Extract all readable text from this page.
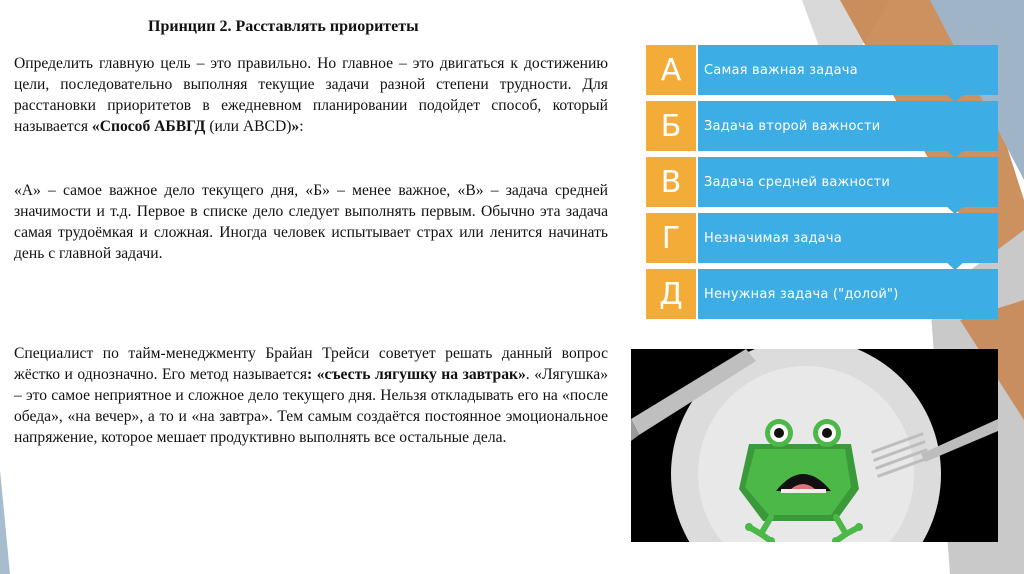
Принцип 2. Расставлять приоритеты

Определить главную цель – это правильно. Но главное – это двигаться к достижению цели, последовательно выполняя текущие задачи разной степени трудности. Для расстановки приоритетов в ежедневном планировании подойдет способ, который называется «Способ АБВГД (или ABCD)»:

«А» – самое важное дело текущего дня, «Б» – менее важное, «В» – задача средней значимости и т.д. Первое в списке дело следует выполнять первым. Обычно эта задача самая трудоёмкая и сложная. Иногда человек испытывает страх или ленится начинать день с главной задачи.

Специалист по тайм-менеджменту Брайан Трейси советует решать данный вопрос жёстко и однозначно. Его метод называется: «съесть лягушку на завтрак». «Лягушка» – это самое неприятное и сложное дело текущего дня. Нельзя откладывать его на «после обеда», «на вечер», а то и «на завтра». Тем самым создаётся постоянное эмоциональное напряжение, которое мешает продуктивно выполнять все остальные дела.

А	Самая важная задача
Б	Задача второй важности
В	Задача средней важности
Г	Незначимая задача
Д	Ненужная задача ("долой")
